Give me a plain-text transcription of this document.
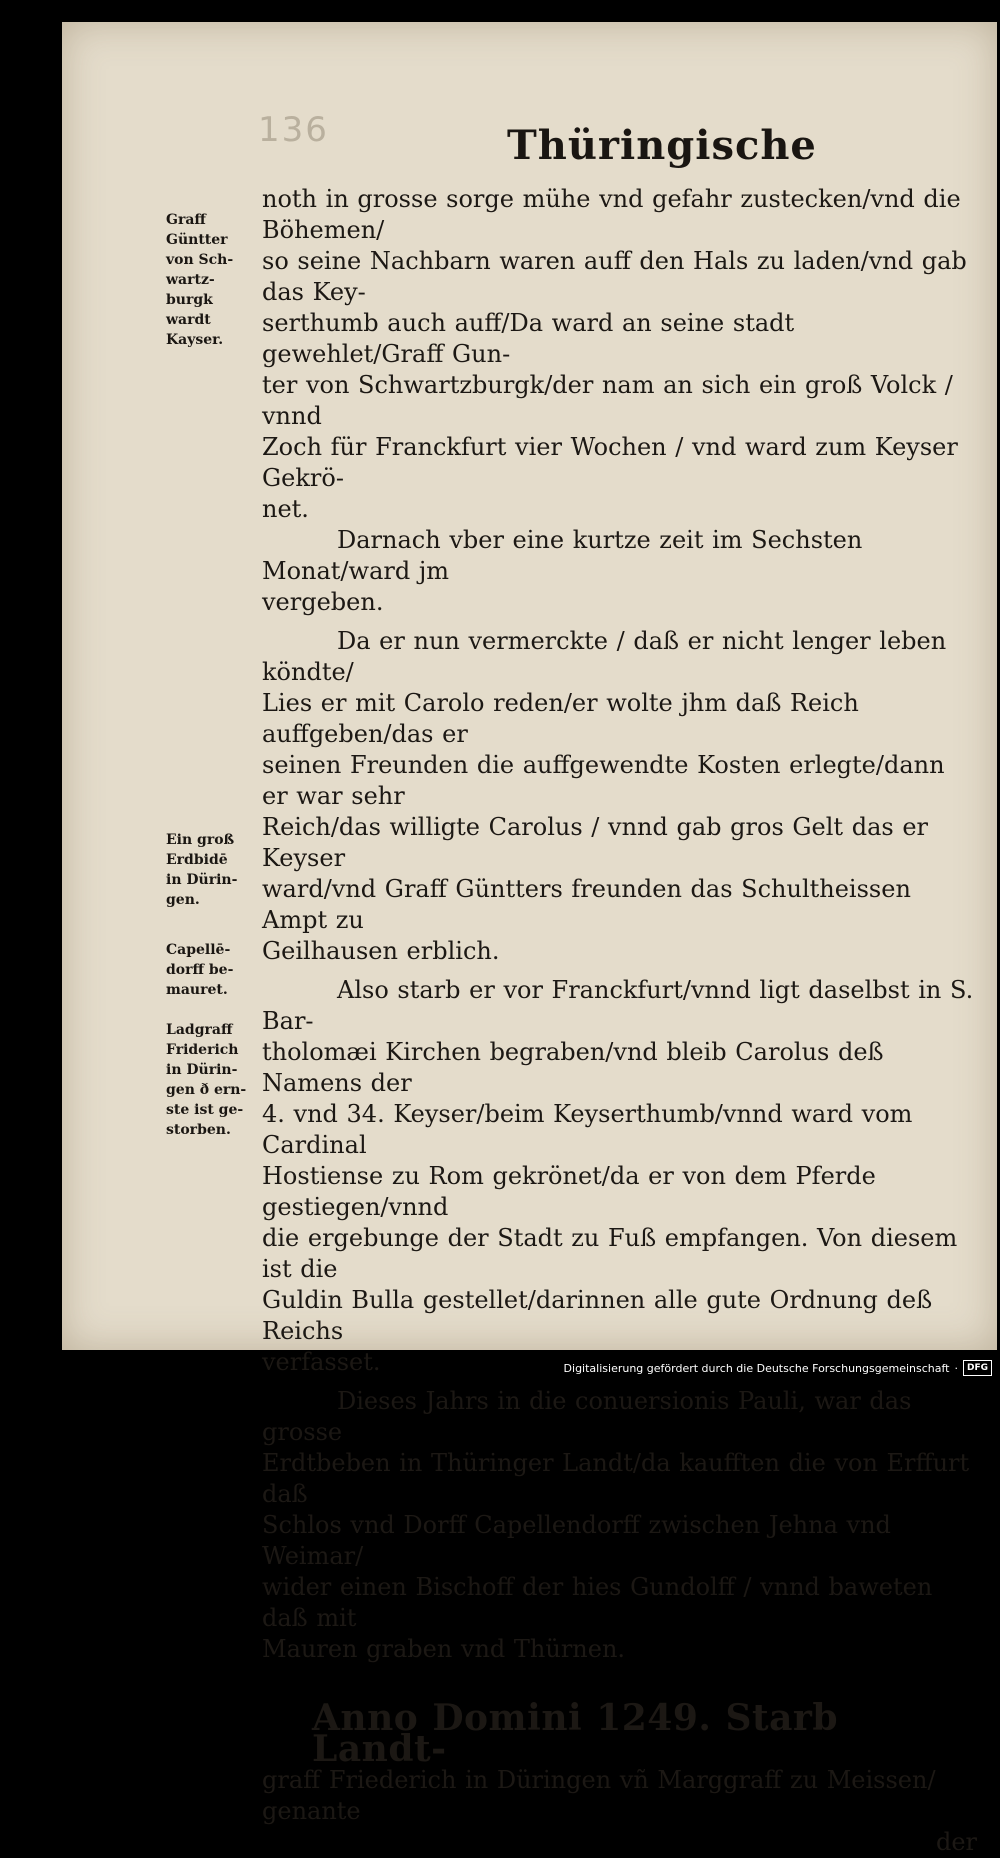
136	Thüringische
Graff
Güntter
von Sch-
wartz-
burgk
wardt
Kayser.
Ein groß
Erdbidē
in Dürin-
gen.
Capellē-
dorff be-
mauret.
Ladgraff
Friderich
in Dürin-
gen ð ern-
ste ist ge-
storben.

noth in grosse sorge mühe vnd gefahr zustecken/vnd die Böhemen/

so seine Nachbarn waren auff den Hals zu laden/vnd gab das Key-

serthumb auch auff/Da ward an seine stadt gewehlet/Graff Gun-

ter von Schwartzburgk/der nam an sich ein groß Volck / vnnd

Zoch für Franckfurt vier Wochen / vnd ward zum Keyser Gekrö-

net.

Darnach vber eine kurtze zeit im Sechsten Monat/ward jm

vergeben.

Da er nun vermerckte / daß er nicht lenger leben köndte/

Lies er mit Carolo reden/er wolte jhm daß Reich auffgeben/das er

seinen Freunden die auffgewendte Kosten erlegte/dann er war sehr

Reich/das willigte Carolus / vnnd gab gros Gelt das er Keyser

ward/vnd Graff Güntters freunden das Schultheissen Ampt zu

Geilhausen erblich.

Also starb er vor Franckfurt/vnnd ligt daselbst in S. Bar-

tholomæi Kirchen begraben/vnd bleib Carolus deß Namens der

4. vnd 34. Keyser/beim Keyserthumb/vnnd ward vom Cardinal

Hostiense zu Rom gekrönet/da er von dem Pferde gestiegen/vnnd

die ergebunge der Stadt zu Fuß empfangen. Von diesem ist die

Guldin Bulla gestellet/darinnen alle gute Ordnung deß Reichs

verfasset.

Dieses Jahrs in die conuersionis Pauli, war das grosse

Erdtbeben in Thüringer Landt/da kaufften die von Erffurt daß

Schlos vnd Dorff Capellendorff zwischen Jehna vnd Weimar/

wider einen Bischoff der hies Gundolff / vnnd baweten daß mit

Mauren graben vnd Thürnen.

Anno Domini 1249. Starb Landt-

graff Friederich in Düringen vñ Marggraff zu Meissen/ genante

der

Digitalisierung gefördert durch die Deutsche Forschungsgemeinschaft ·	DFG
